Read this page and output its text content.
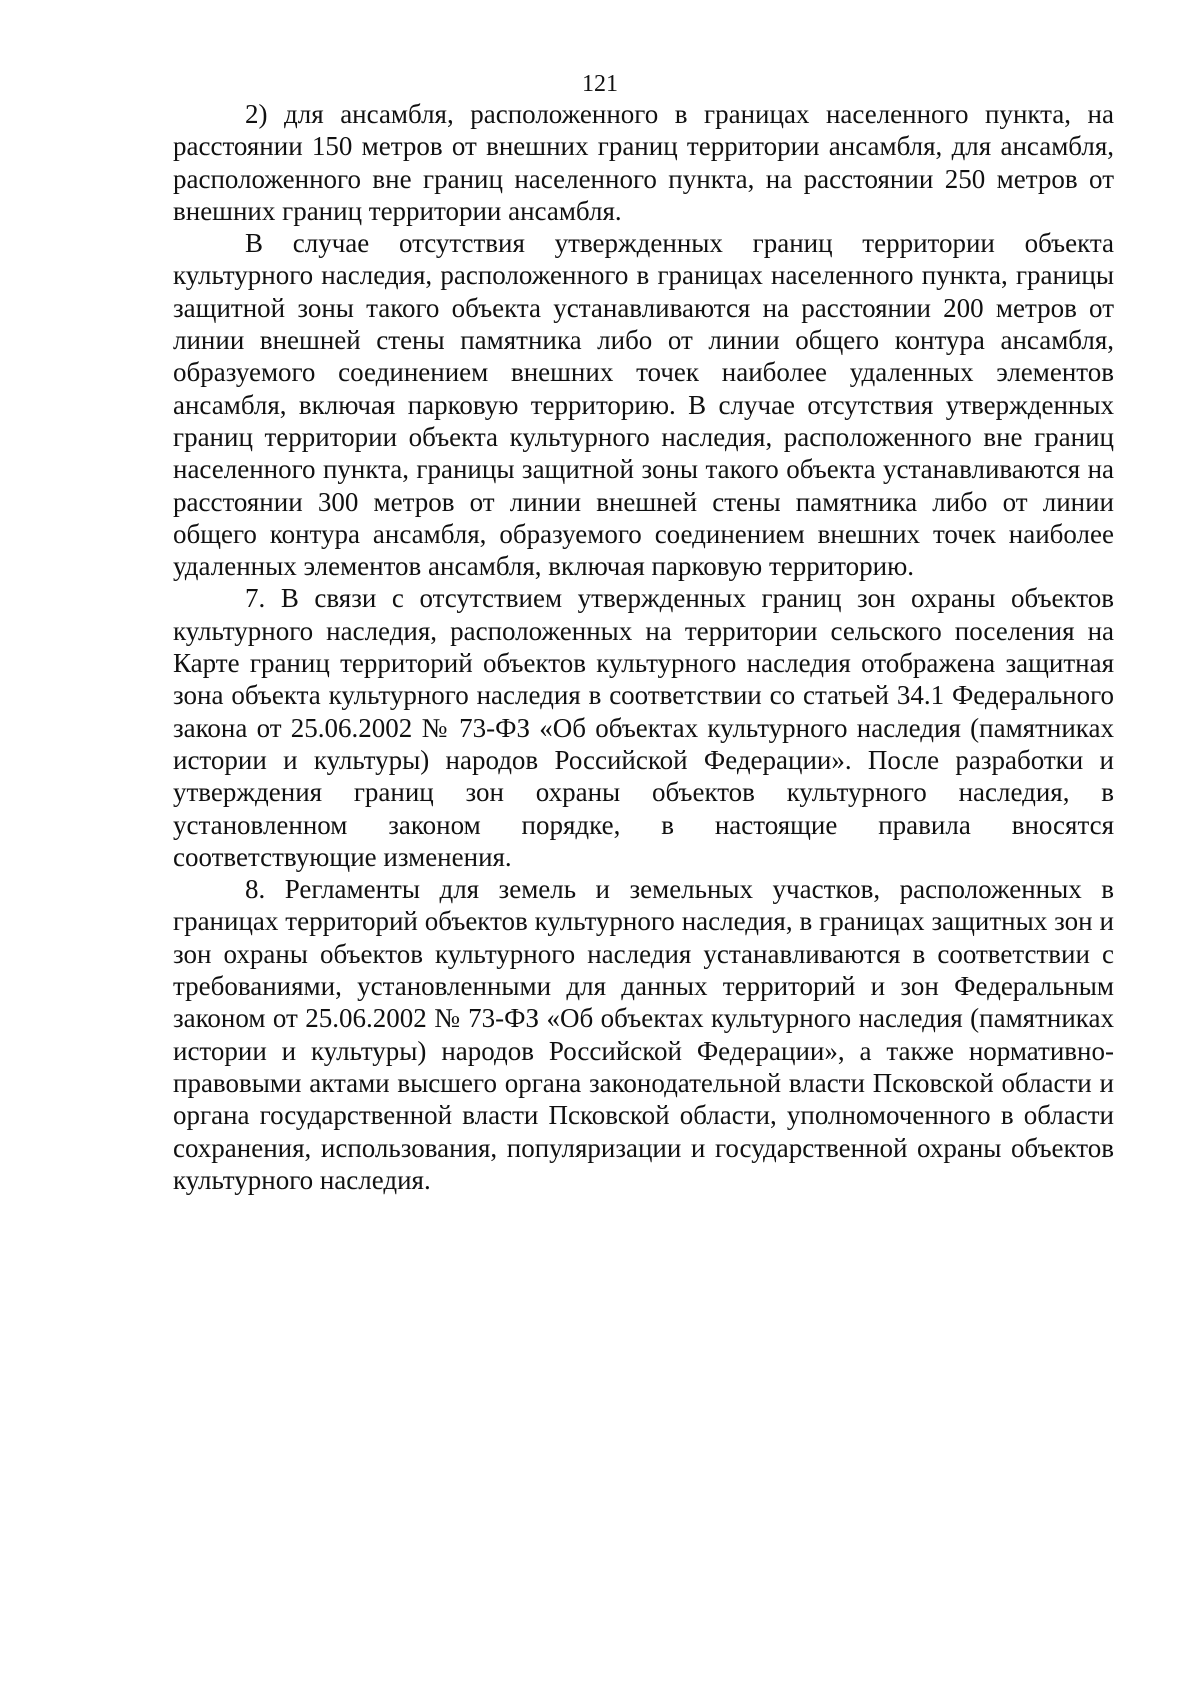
121

2) для ансамбля, расположенного в границах населенного пункта, на расстоянии 150 метров от внешних границ территории ансамбля, для ансамбля, расположенного вне границ населенного пункта, на расстоянии 250 метров от внешних границ территории ансамбля.

В случае отсутствия утвержденных границ территории объекта культурного наследия, расположенного в границах населенного пункта, границы защитной зоны такого объекта устанавливаются на расстоянии 200 метров от линии внешней стены памятника либо от линии общего контура ансамбля, образуемого соединением внешних точек наиболее удаленных элементов ансамбля, включая парковую территорию. В случае отсутствия утвержденных границ территории объекта культурного наследия, расположенного вне границ населенного пункта, границы защитной зоны такого объекта устанавливаются на расстоянии 300 метров от линии внешней стены памятника либо от линии общего контура ансамбля, образуемого соединением внешних точек наиболее удаленных элементов ансамбля, включая парковую территорию.

7. В связи с отсутствием утвержденных границ зон охраны объектов культурного наследия, расположенных на территории сельского поселения на Карте границ территорий объектов культурного наследия отображена защитная зона объекта культурного наследия в соответствии со статьей 34.1 Федерального закона от 25.06.2002 № 73-ФЗ «Об объектах культурного наследия (памятниках истории и культуры) народов Российской Федерации». После разработки и утверждения границ зон охраны объектов культурного наследия, в установленном законом порядке, в настоящие правила вносятся соответствующие изменения.

8. Регламенты для земель и земельных участков, расположенных в границах территорий объектов культурного наследия, в границах защитных зон и зон охраны объектов культурного наследия устанавливаются в соответствии с требованиями, установленными для данных территорий и зон Федеральным законом от 25.06.2002 № 73-ФЗ «Об объектах культурного наследия (памятниках истории и культуры) народов Российской Федерации», а также нормативно-правовыми актами высшего органа законодательной власти Псковской области и органа государственной власти Псковской области, уполномоченного в области сохранения, использования, популяризации и государственной охраны объектов культурного наследия.
